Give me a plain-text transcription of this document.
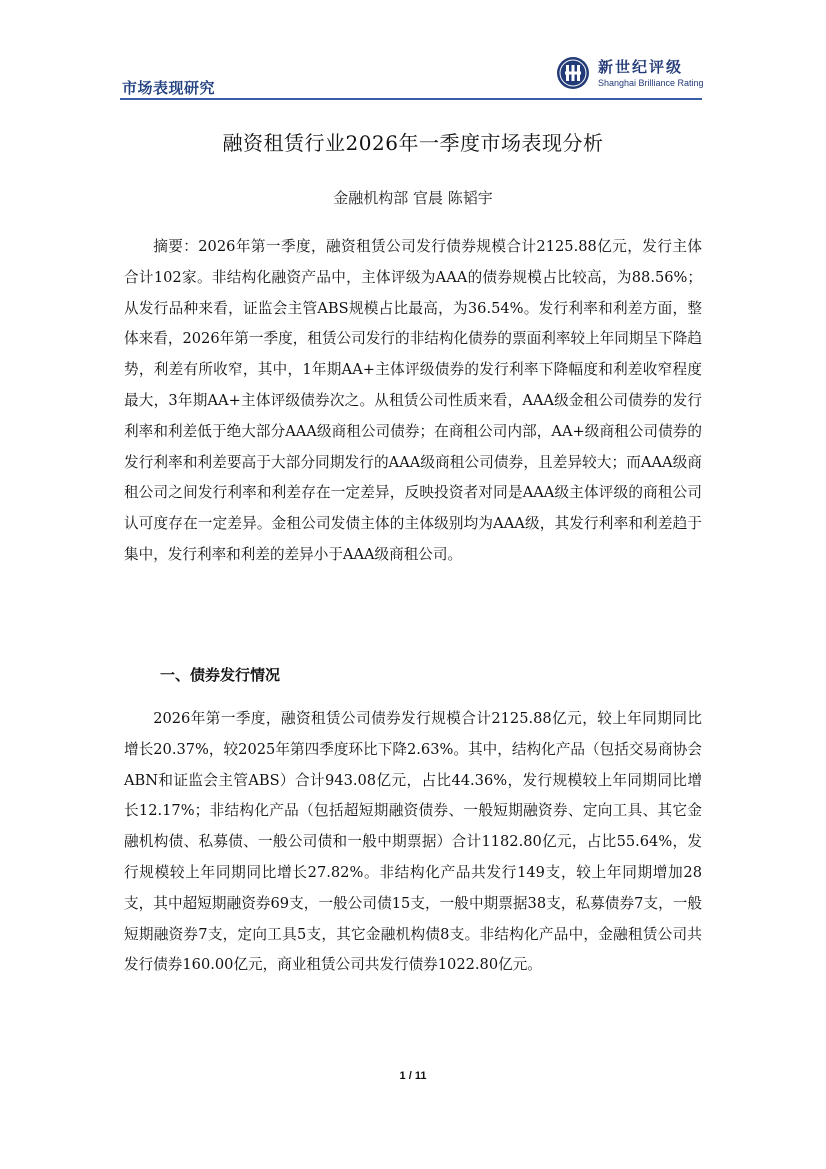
市场表现研究
新世纪评级
Shanghai Brilliance Rating
融资租赁行业2026年一季度市场表现分析
金融机构部 官晨 陈韬宇

摘要：2026年第一季度，融资租赁公司发行债券规模合计2125.88亿元，发行主体合计102家。非结构化融资产品中，主体评级为AAA的债券规模占比较高，为88.56%；从发行品种来看，证监会主管ABS规模占比最高，为36.54%。发行利率和利差方面，整体来看，2026年第一季度，租赁公司发行的非结构化债券的票面利率较上年同期呈下降趋势，利差有所收窄，其中，1年期AA+主体评级债券的发行利率下降幅度和利差收窄程度最大，3年期AA+主体评级债券次之。从租赁公司性质来看，AAA级金租公司债券的发行利率和利差低于绝大部分AAA级商租公司债券；在商租公司内部，AA+级商租公司债券的发行利率和利差要高于大部分同期发行的AAA级商租公司债券，且差异较大；而AAA级商租公司之间发行利率和利差存在一定差异，反映投资者对同是AAA级主体评级的商租公司认可度存在一定差异。金租公司发债主体的主体级别均为AAA级，其发行利率和利差趋于集中，发行利率和利差的差异小于AAA级商租公司。

一、债券发行情况

2026年第一季度，融资租赁公司债券发行规模合计2125.88亿元，较上年同期同比增长20.37%，较2025年第四季度环比下降2.63%。其中，结构化产品（包括交易商协会ABN和证监会主管ABS）合计943.08亿元，占比44.36%，发行规模较上年同期同比增长12.17%；非结构化产品（包括超短期融资债券、一般短期融资券、定向工具、其它金融机构债、私募债、一般公司债和一般中期票据）合计1182.80亿元，占比55.64%，发行规模较上年同期同比增长27.82%。非结构化产品共发行149支，较上年同期增加28支，其中超短期融资券69支，一般公司债15支，一般中期票据38支，私募债券7支，一般短期融资券7支，定向工具5支，其它金融机构债8支。非结构化产品中，金融租赁公司共发行债券160.00亿元，商业租赁公司共发行债券1022.80亿元。

1 / 11
